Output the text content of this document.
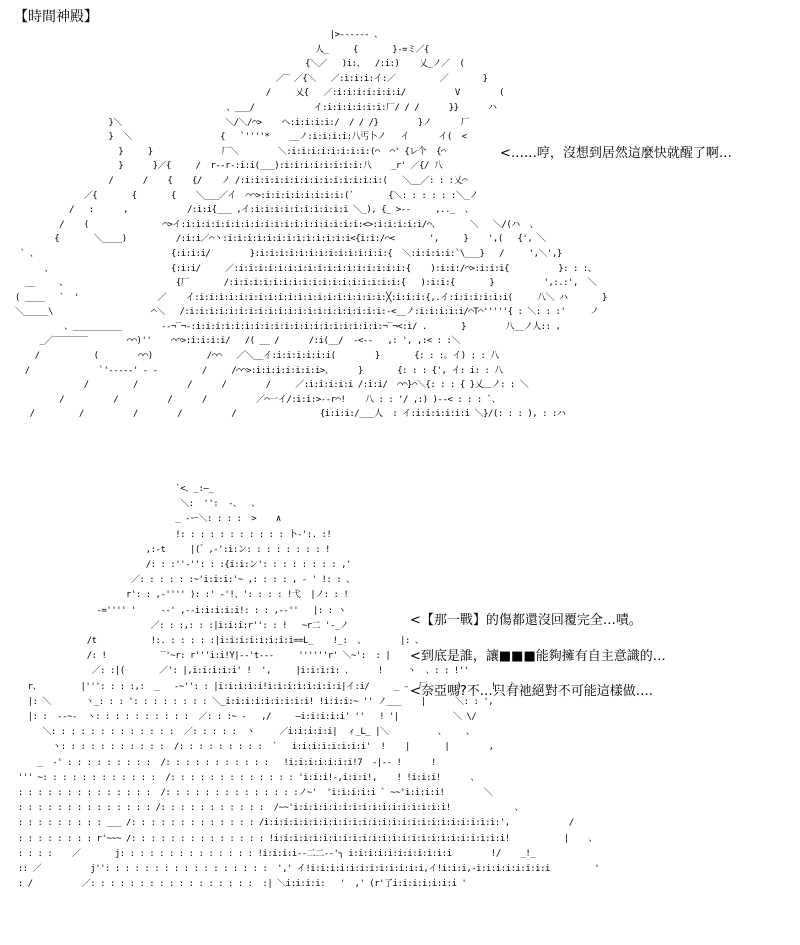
【時間神殿】
|>------ 、
人_     {       }-=ミ／{
{＼／   )i:、  /:i:)    乂_ノ／  (
／‾ ／{＼   ／:i:i:i:イ:／         ／       }
/     乂{   ／:i:i:i:i:i:i:i/          V        (
、___/            イ:i:i:i:i:i:i:厂/ / /      }}      ハ
}＼                     ＼/＼/⌒>    ヘ:i:i:i:i:/  / / /}        }ノ      厂
}  ＼                  {   `''''*    __ノ:i:i:i:i:八丐卜ノ   イ      イ(  <
}     }              厂＼        ＼:i:i:i:i:i:i:i:i:(⌒  ⌒' {レ个  {⌒
}      }／{     /  r--r-:i:i(___):i:i:i:i:i:i:i:i:八    _r' ／{/ 八
/      /    {    {/    ノ /:i:i:i:i:i:i:i:i:i:i:i:i:i:i:(   ＼__／: : :乂⌒
／{       {       {    ＼___／イ  ⌒⌒>:i:i:i:i:i:i:i:i:(`       {＼: : : : : :＼_ノ
/   :      ,            /:i:i{___ ,イ:i:i:i:i:i:i:i:i:i:i ＼_), {_ >--     ,.._  、
/    (               ⌒>イ:i:i:i:i:i:i:i:i:i:i:i:i:i:i:i:i:i:i:<>:i:i:i:i:i/⌒、      ＼   ＼/(ハ  、
{       ＼____)          /:i:i／⌒丶:i:i:i:i:i:i:i:i:i:i:i:i:i<{i:i:/⌒<       ',     }    ',(   {', ＼
` 、                           {:i:i:i/        }:i:i:i:i:i:i:i:i:i:i:i:i:i:{  ＼:i:i:i:i:`\___}   /     ',＼',}
、                        {:i:i/     ／:i:i:i:i:i:i:i:i:i:i:i:i:i:i:i:i:i:{    ):i:i:/⌒>:i:i:i{          }: : :、
__     、                      {厂       /:i:i:i:i:i:i:i:i:i:i:i:i:i:i:i:i:i:{   ):i:i:{       }          ',:.:',  ＼
( ____   `  '                ／    イ:i:i:i:i:i:i:i:i:i:i:i:i:i:i:i:i:i:i:i:╳:i:i:i:{,.イ:i:i:i:i:i:i(     八＼ ハ       }
＼_____\                    ⌒＼   /:i:i:i:i:i:i:i:i:i:i:i:i:i:i:i:i:i:i:i:i:-<__ノ:i:i:i:i:i/⌒T⌒'''''{ : ＼: : :'     ノ
、__________        --¬‾¬-:i:i:i:i:i:i:i:i:i:i:i:i:i:i:i:i:i:i:i:¬‾¬<:i/ .       }        八__ノ人:: ,
_／‾‾‾‾‾‾‾        ⌒⌒)''    ⌒⌒>:i:i:i:i/   /( __ /      /:i(__/  -<--   ,: ', ,:< : :＼
/           (        ⌒⌒)           /⌒⌒   ／＼__イ:i:i:i:i:i:i(        }       {: : :。イ) : : 八
/              `'-----' - -         /     /⌒⌒>:i:i:i:i:i:i:i>、     }       {: : : {', イ: i: : 八
/         /          /      /        /     ／:i:i:i:i:i /:i:i/  ⌒⌒}⌒＼{: : : { }乂＿ノ: : ＼
/          /          /      /          ／⌒一イ/:i:i:>--r⌒!    八 : : '/ ,:) )--< : : : `、
/         /          /        /          /                 {i:i:i:/___人  : イ:i:i:i:i:i:i ＼}/(: : : ), : :ハ
<……哼，沒想到居然這麼快就醒了啊…
`<、_:―_
＼:  '':  -、  、
_ -ー＼: : : :  >    ∧
!: : : : : : : : : : : 卜-':. :!
,:-t     |(゛,-':i:ン: : : : : : : : !
/: : :''-'': : :{i:i:ン': : : : : : : : ,'
／: : : : : :~'i:i:i:'~ ,: : : : , - ' !: : 、
r': : ,-'''' ): :' -'!、': : : : !弋  |ノ: : !
-='''' '     --' ,--i:i:i:i:i!: : : ,--''   |: : ヽ
／: : :,: : :|i:i:i:r'': : !   ~r二 '-_ノ
/t           !:. : : : : :|i:i:i:i:i:i:i:i==L_    !_:  、       |: 、
/: !           ‾'~r: r'''i:i!Y|--'t---     ''''''r' ＼~':  : |
／: :|(       ／': |,i:i:i:i:i' !  ',     |i:i:i:i: 、     !     ヽ  、: : !''
r、        |''': : : :,:  _   -~'': : |i:i:i:i:i!i:i:i:i:i:i:i:i|イ:i/     _ -  厂      )      !:  ＼
|: ＼       ヽ_: : : ': : : : : : : : ＼_i:i:i:i:i:i:i:i:i! !i:i:i:~ '' ノ___    |      ＼: : ',
|: :  --~-  ヽ: : : : : : : : : :  ／: : :~ -   ,/     ―i:i:i:i:i' ''   ! '|           ＼ \/
＼: : : : : : : : : : : : :  ／: : : : :  ヽ     ／i:i:i:i:i|  ィ_L_ |＼          、    、
ヽ: : : : : : : : : : :  /: : : : : : : : :  `   i:i:i:i:i:i:i:i'  !    |       |        ,
_  -' : : : : : : : : :  /: : : : : : : : : : :   !i:i:i:i:i:i:i!7  -|-- !      !
''' ~: : : : : : : : : : : :  /: : : : : : : : : : : : : 'i:i:i!-,i:i:i!,    ! !i:i:i!      、
: : : : : : : : : : : : : :  /: : : : : : : : : : : : : :ノ~'  'i:i:i:i:i ` ~~'i:i:i:i!        ＼
: : : : : : : : : : : : : : /: : : : : : : : : : :  /~~'i:i:i:i:i:i:i:i:i:i:i:i:i:i:i:i!             、
: : : : : : : : : ___ /: : : : : : : : : : : : : /i:i:i:i:i:i:i:i:i:i:i:i:i:i:i:i:i:i:i:i:i:i:i:i:',            /
: : : : : : : : r'~~~ /: : : : : : : : : : : : : : !i:i:i:i:i:i:i:i:i:i:i:i:i:i:i:i:i:i:i:i:i:i:i:i!           |    、
: : : :    ／       j: : : : : : : : : : : : : : !i:i:i:i--二二--'┐ i:i:i:i:i:i:i:i:i:i:i        !/    _!_
:: ／          j'': : : : : : : : : : : : : : : : :  ',' イ!i:i:i:i:i:i:i:i:i:i:i:i,イ!i:i:i,-i:i:i:i:i:i:i:i         '
: /          ／: : : : : : : : : : : : : : : : :  :| ＼i:i:i:i:   '  ,' (r'了i:i:i:i:i:i:i '
<【那一戰】的傷都還沒回覆完全…嘖。
<到底是誰，讓■■■能夠擁有自主意識的…
<奈亞嗎?不…只有祂絕對不可能這樣做….
